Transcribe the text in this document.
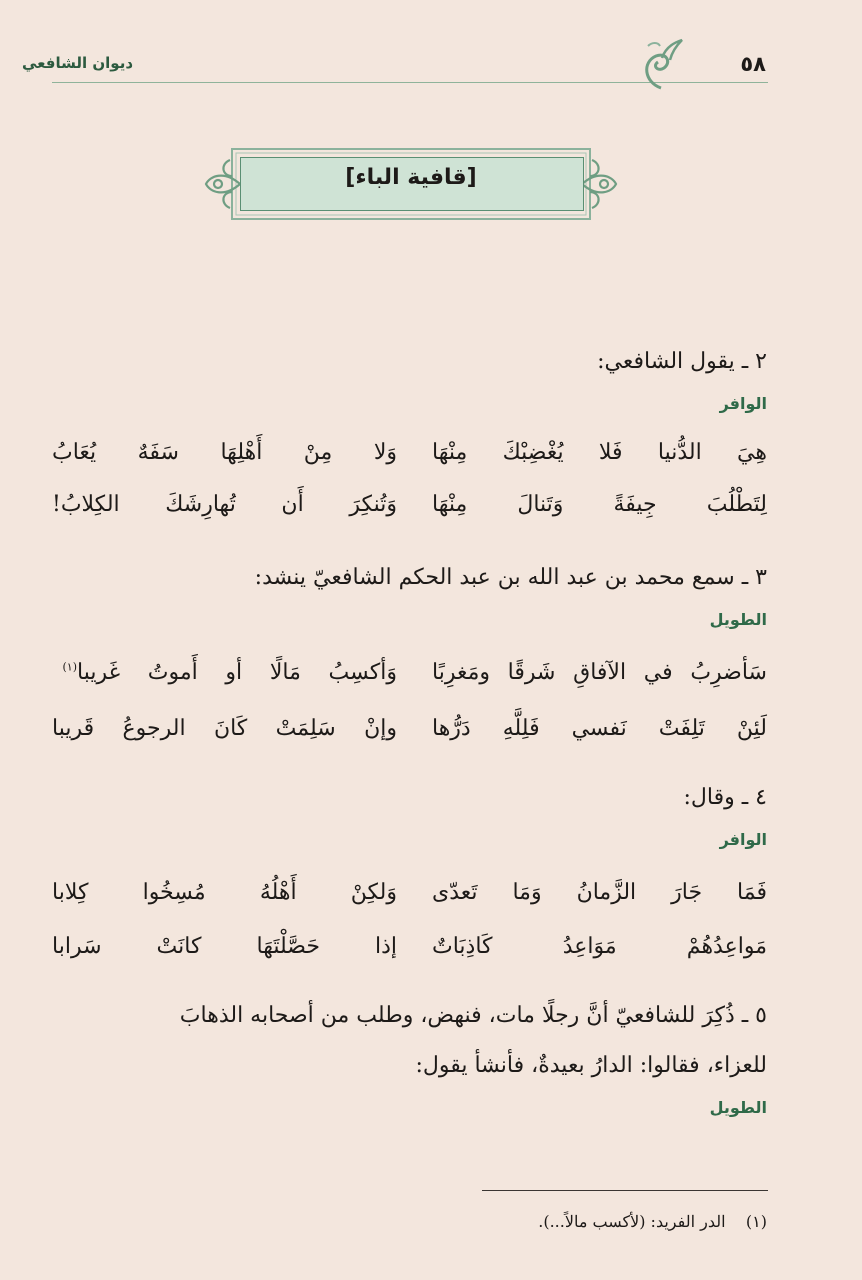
ديوان الشافعي	٥٨
[قافية الباء]
٢ ـ يقول الشافعي:
الوافر
هِيَ الدُّنيا فَلا يُغْضِبْكَ مِنْهَا
وَلا مِنْ أَهْلِهَا سَفَهٌ يُعَابُ
لِتَطْلُبَ جِيفَةً وَتَنالَ مِنْهَا
وَتُنكِرَ أَن تُهارِشَكَ الكِلابُ!
٣ ـ سمع محمد بن عبد الله بن عبد الحكم الشافعيّ ينشد:
الطويل
سَأضرِبُ في الآفاقِ شَرقًا ومَغرِبًا
وَأكسِبُ مَالًا أو أَموتُ غَريبا$^{(١)}$
لَئِنْ تَلِفَتْ نَفسي فَلِلَّهِ دَرُّها
وإنْ سَلِمَتْ كَانَ الرجوعُ قَريبا
٤ ـ وقال:
الوافر
فَمَا جَارَ الزَّمانُ وَمَا تَعدّى
وَلكِنْ أَهْلُهُ مُسِخُوا كِلابا
مَواعِدُهُمْ مَوَاعِدُ كَاذِبَاتٌ
إذا حَصَّلْتَهَا كانَتْ سَرابا
٥ ـ ذُكِرَ للشافعيّ أنَّ رجلًا مات، فنهض، وطلب من أصحابه الذهابَ
للعزاء، فقالوا: الدارُ بعيدةٌ، فأنشأ يقول:
الطويل
(١)    الدر الفريد: (لأكسب مالاً...).
